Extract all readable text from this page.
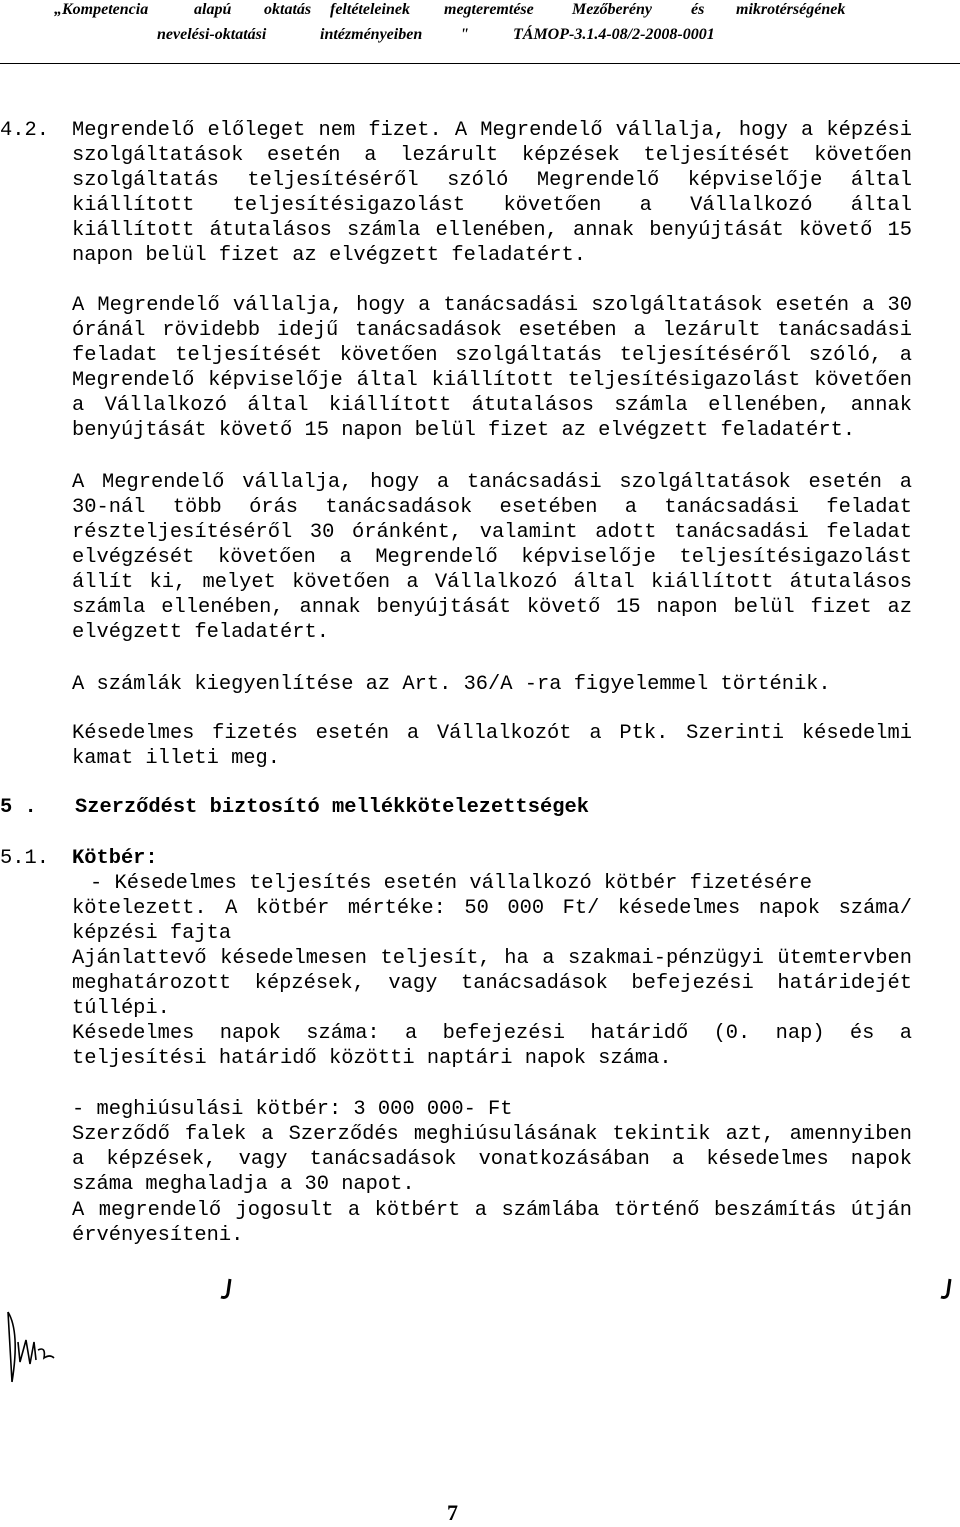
„Kompetencia	alapú oktatás feltételeinek megteremtése Mezőberény és mikrotérségének
nevelési-oktatási	intézményeiben "	TÁMOP-3.1.4-08/2-2008-0001
4.2. Megrendelő előleget nem fizet. A Megrendelő vállalja, hogy a képzési szolgáltatások esetén a lezárult képzések teljesítését követően szolgáltatás teljesítéséről szóló Megrendelő képviselője által kiállított teljesítésigazolást követően a Vállalkozó által kiállított átutalásos számla ellenében, annak benyújtását követő 15 napon belül fizet az elvégzett feladatért.

A Megrendelő vállalja, hogy a tanácsadási szolgáltatások esetén a 30 óránál rövidebb idejű tanácsadások esetében a lezárult tanácsadási feladat teljesítését követően szolgáltatás teljesítéséről szóló, a Megrendelő képviselője által kiállított teljesítésigazolást követően a Vállalkozó által kiállított átutalásos számla ellenében, annak benyújtását követő 15 napon belül fizet az elvégzett feladatért.

A Megrendelő vállalja, hogy a tanácsadási szolgáltatások esetén a 30-nál több órás tanácsadások esetében a tanácsadási feladat részteljesítéséről 30 óránként, valamint adott tanácsadási feladat elvégzését követően a Megrendelő képviselője teljesítésigazolást állít ki, melyet követően a Vállalkozó által kiállított átutalásos számla ellenében, annak benyújtását követő 15 napon belül fizet az elvégzett feladatért.

A számlák kiegyenlítése az Art. 36/A -ra figyelemmel történik.

Késedelmes fizetés esetén a Vállalkozót a Ptk. Szerinti késedelmi kamat illeti meg.

5 . Szerződést biztosító mellékkötelezettségek
5.1. Kötbér:

- Késedelmes teljesítés esetén vállalkozó kötbér fizetésére

kötelezett. A kötbér mértéke: 50 000 Ft/ késedelmes napok száma/ képzési fajta

Ajánlattevő késedelmesen teljesít, ha a szakmai-pénzügyi ütemtervben meghatározott képzések, vagy tanácsadások befejezési határidejét túllépi.

Késedelmes napok száma: a befejezési határidő (0. nap) és a teljesítési határidő közötti naptári napok száma.

- meghiúsulási kötbér: 3 000 000- Ft

Szerződő falek a Szerződés meghiúsulásának tekintik azt, amennyiben a képzések, vagy tanácsadások vonatkozásában a késedelmes napok száma meghaladja a 30 napot.

A megrendelő jogosult a kötbért a számlába történő beszámítás útján érvényesíteni.

7
